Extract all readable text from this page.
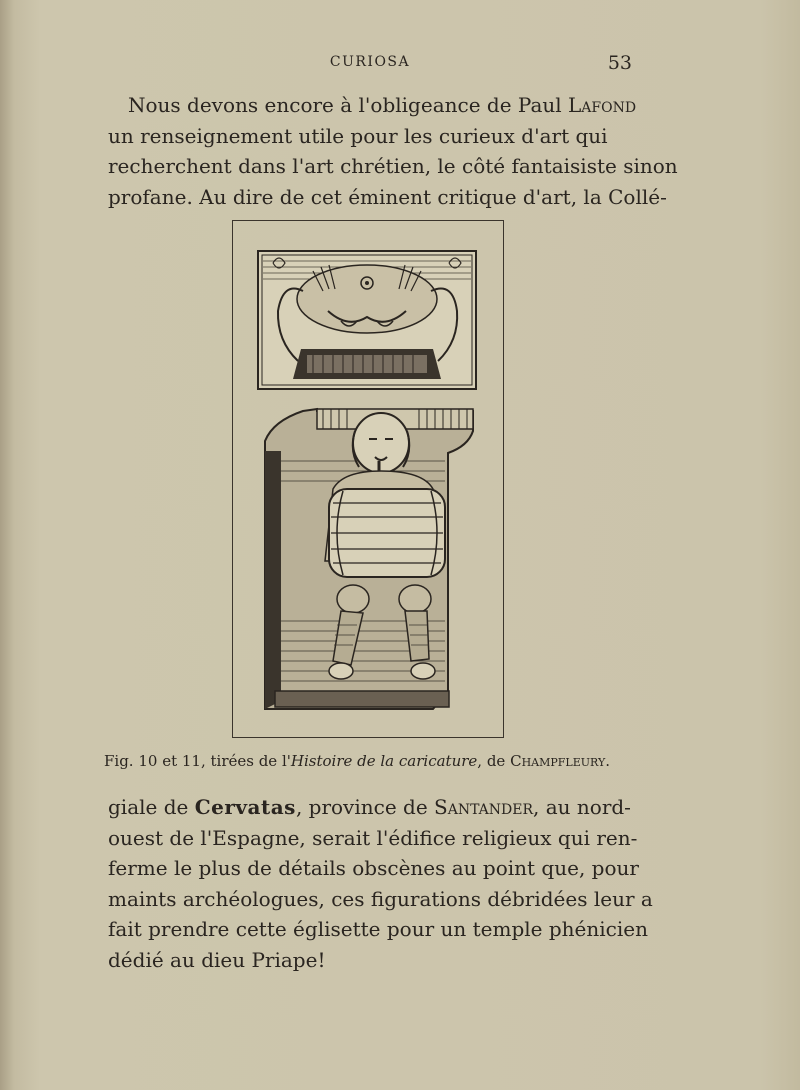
CURIOSA	53
Nous devons encore à l'obligeance de Paul Lafond
un renseignement utile pour les curieux d'art qui
recherchent dans l'art chrétien, le côté fantaisiste sinon
profane. Au dire de cet éminent critique d'art, la Collé-
Fig. 10 et 11, tirées de l'Histoire de la caricature, de Champfleury.
giale de Cervatas, province de Santander, au nord-
ouest de l'Espagne, serait l'édifice religieux qui ren-
ferme le plus de détails obscènes au point que, pour
maints archéologues, ces figurations débridées leur a
fait prendre cette églisette pour un temple phénicien
dédié au dieu Priape!
